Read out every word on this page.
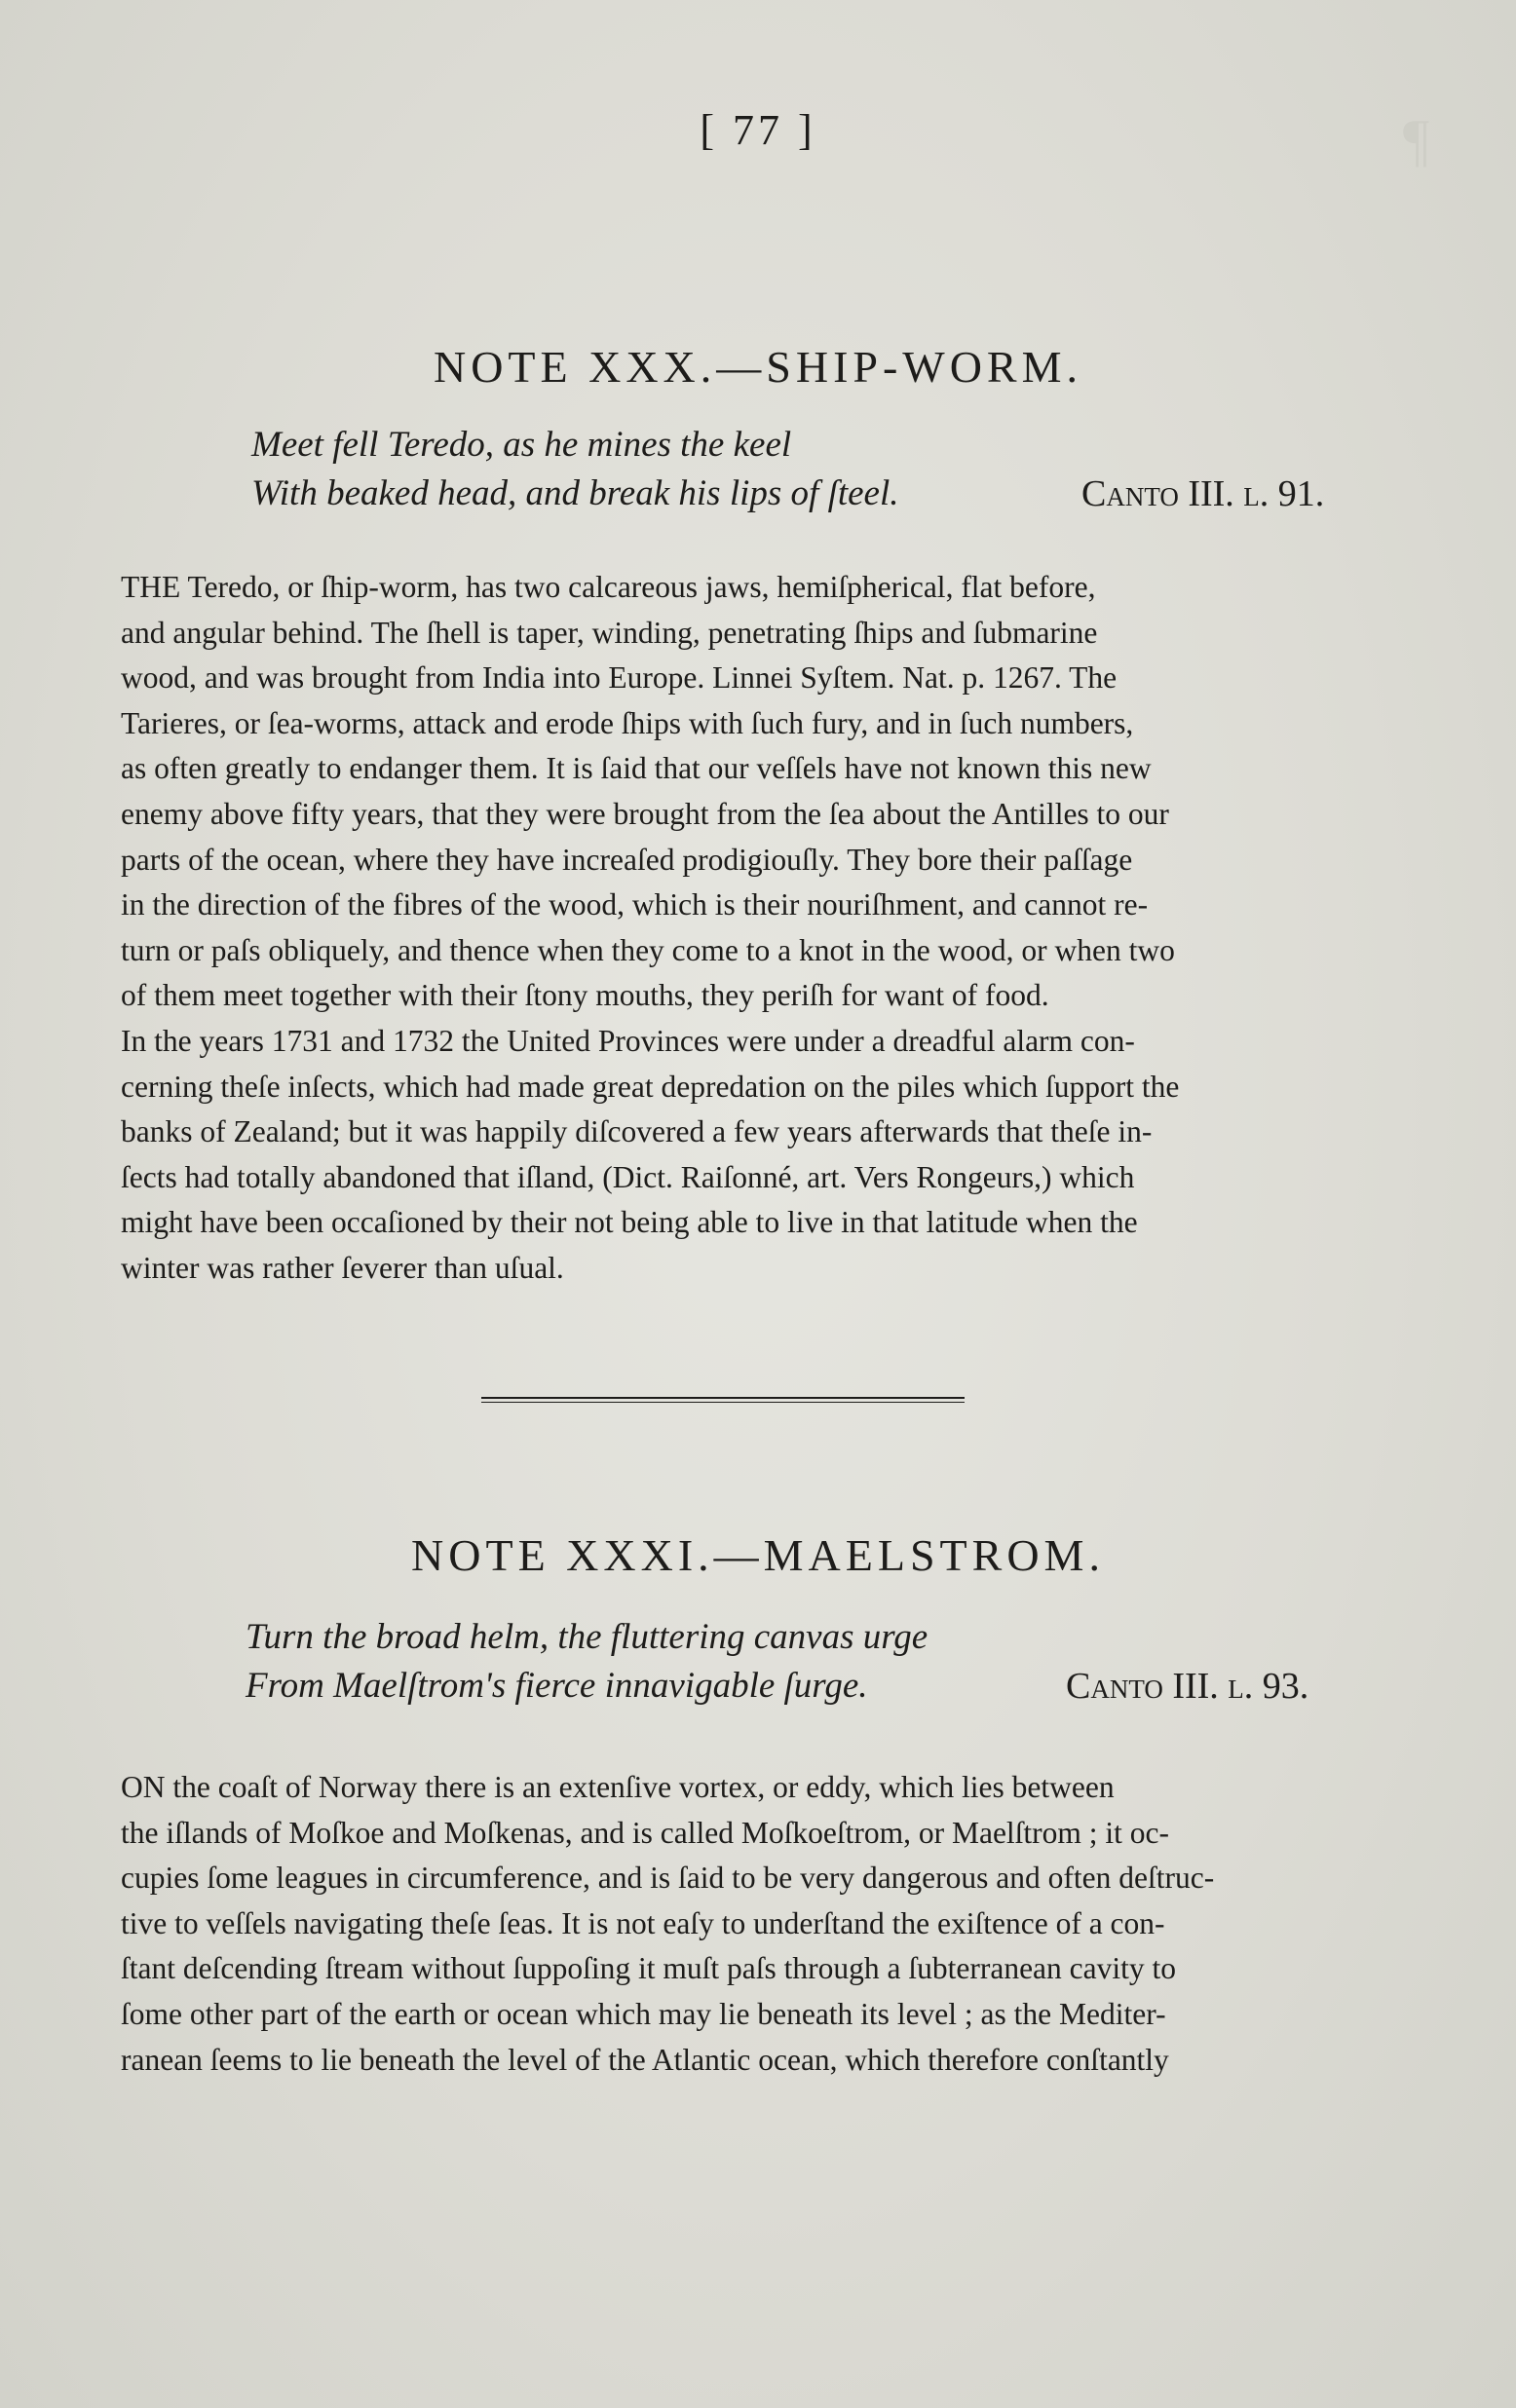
¶
[ 77 ]
NOTE XXX.—SHIP-WORM.
Meet fell Teredo, as he mines the keel
With beaked head, and break his lips of ſteel.	Canto III. l. 91.
THE Teredo, or ſhip-worm, has two calcareous jaws, hemiſpherical, flat before,
and angular behind. The ſhell is taper, winding, penetrating ſhips and ſubmarine
wood, and was brought from India into Europe. Linnei Syſtem. Nat. p. 1267. The
Tarieres, or ſea-worms, attack and erode ſhips with ſuch fury, and in ſuch numbers,
as often greatly to endanger them. It is ſaid that our veſſels have not known this new
enemy above fifty years, that they were brought from the ſea about the Antilles to our
parts of the ocean, where they have increaſed prodigiouſly. They bore their paſſage
in the direction of the fibres of the wood, which is their nouriſhment, and cannot re-
turn or paſs obliquely, and thence when they come to a knot in the wood, or when two
of them meet together with their ſtony mouths, they periſh for want of food.
In the years 1731 and 1732 the United Provinces were under a dreadful alarm con-
cerning theſe inſects, which had made great depredation on the piles which ſupport the
banks of Zealand; but it was happily diſcovered a few years afterwards that theſe in-
ſects had totally abandoned that iſland, (Dict. Raiſonné, art. Vers Rongeurs,) which
might have been occaſioned by their not being able to live in that latitude when the
winter was rather ſeverer than uſual.
NOTE XXXI.—MAELSTROM.
Turn the broad helm, the fluttering canvas urge
From Maelſtrom's fierce innavigable ſurge.	Canto III. l. 93.
ON the coaſt of Norway there is an extenſive vortex, or eddy, which lies between
the iſlands of Moſkoe and Moſkenas, and is called Moſkoeſtrom, or Maelſtrom ; it oc-
cupies ſome leagues in circumference, and is ſaid to be very dangerous and often deſtruc-
tive to veſſels navigating theſe ſeas. It is not eaſy to underſtand the exiſtence of a con-
ſtant deſcending ſtream without ſuppoſing it muſt paſs through a ſubterranean cavity to
ſome other part of the earth or ocean which may lie beneath its level ; as the Mediter-
ranean ſeems to lie beneath the level of the Atlantic ocean, which therefore conſtantly
